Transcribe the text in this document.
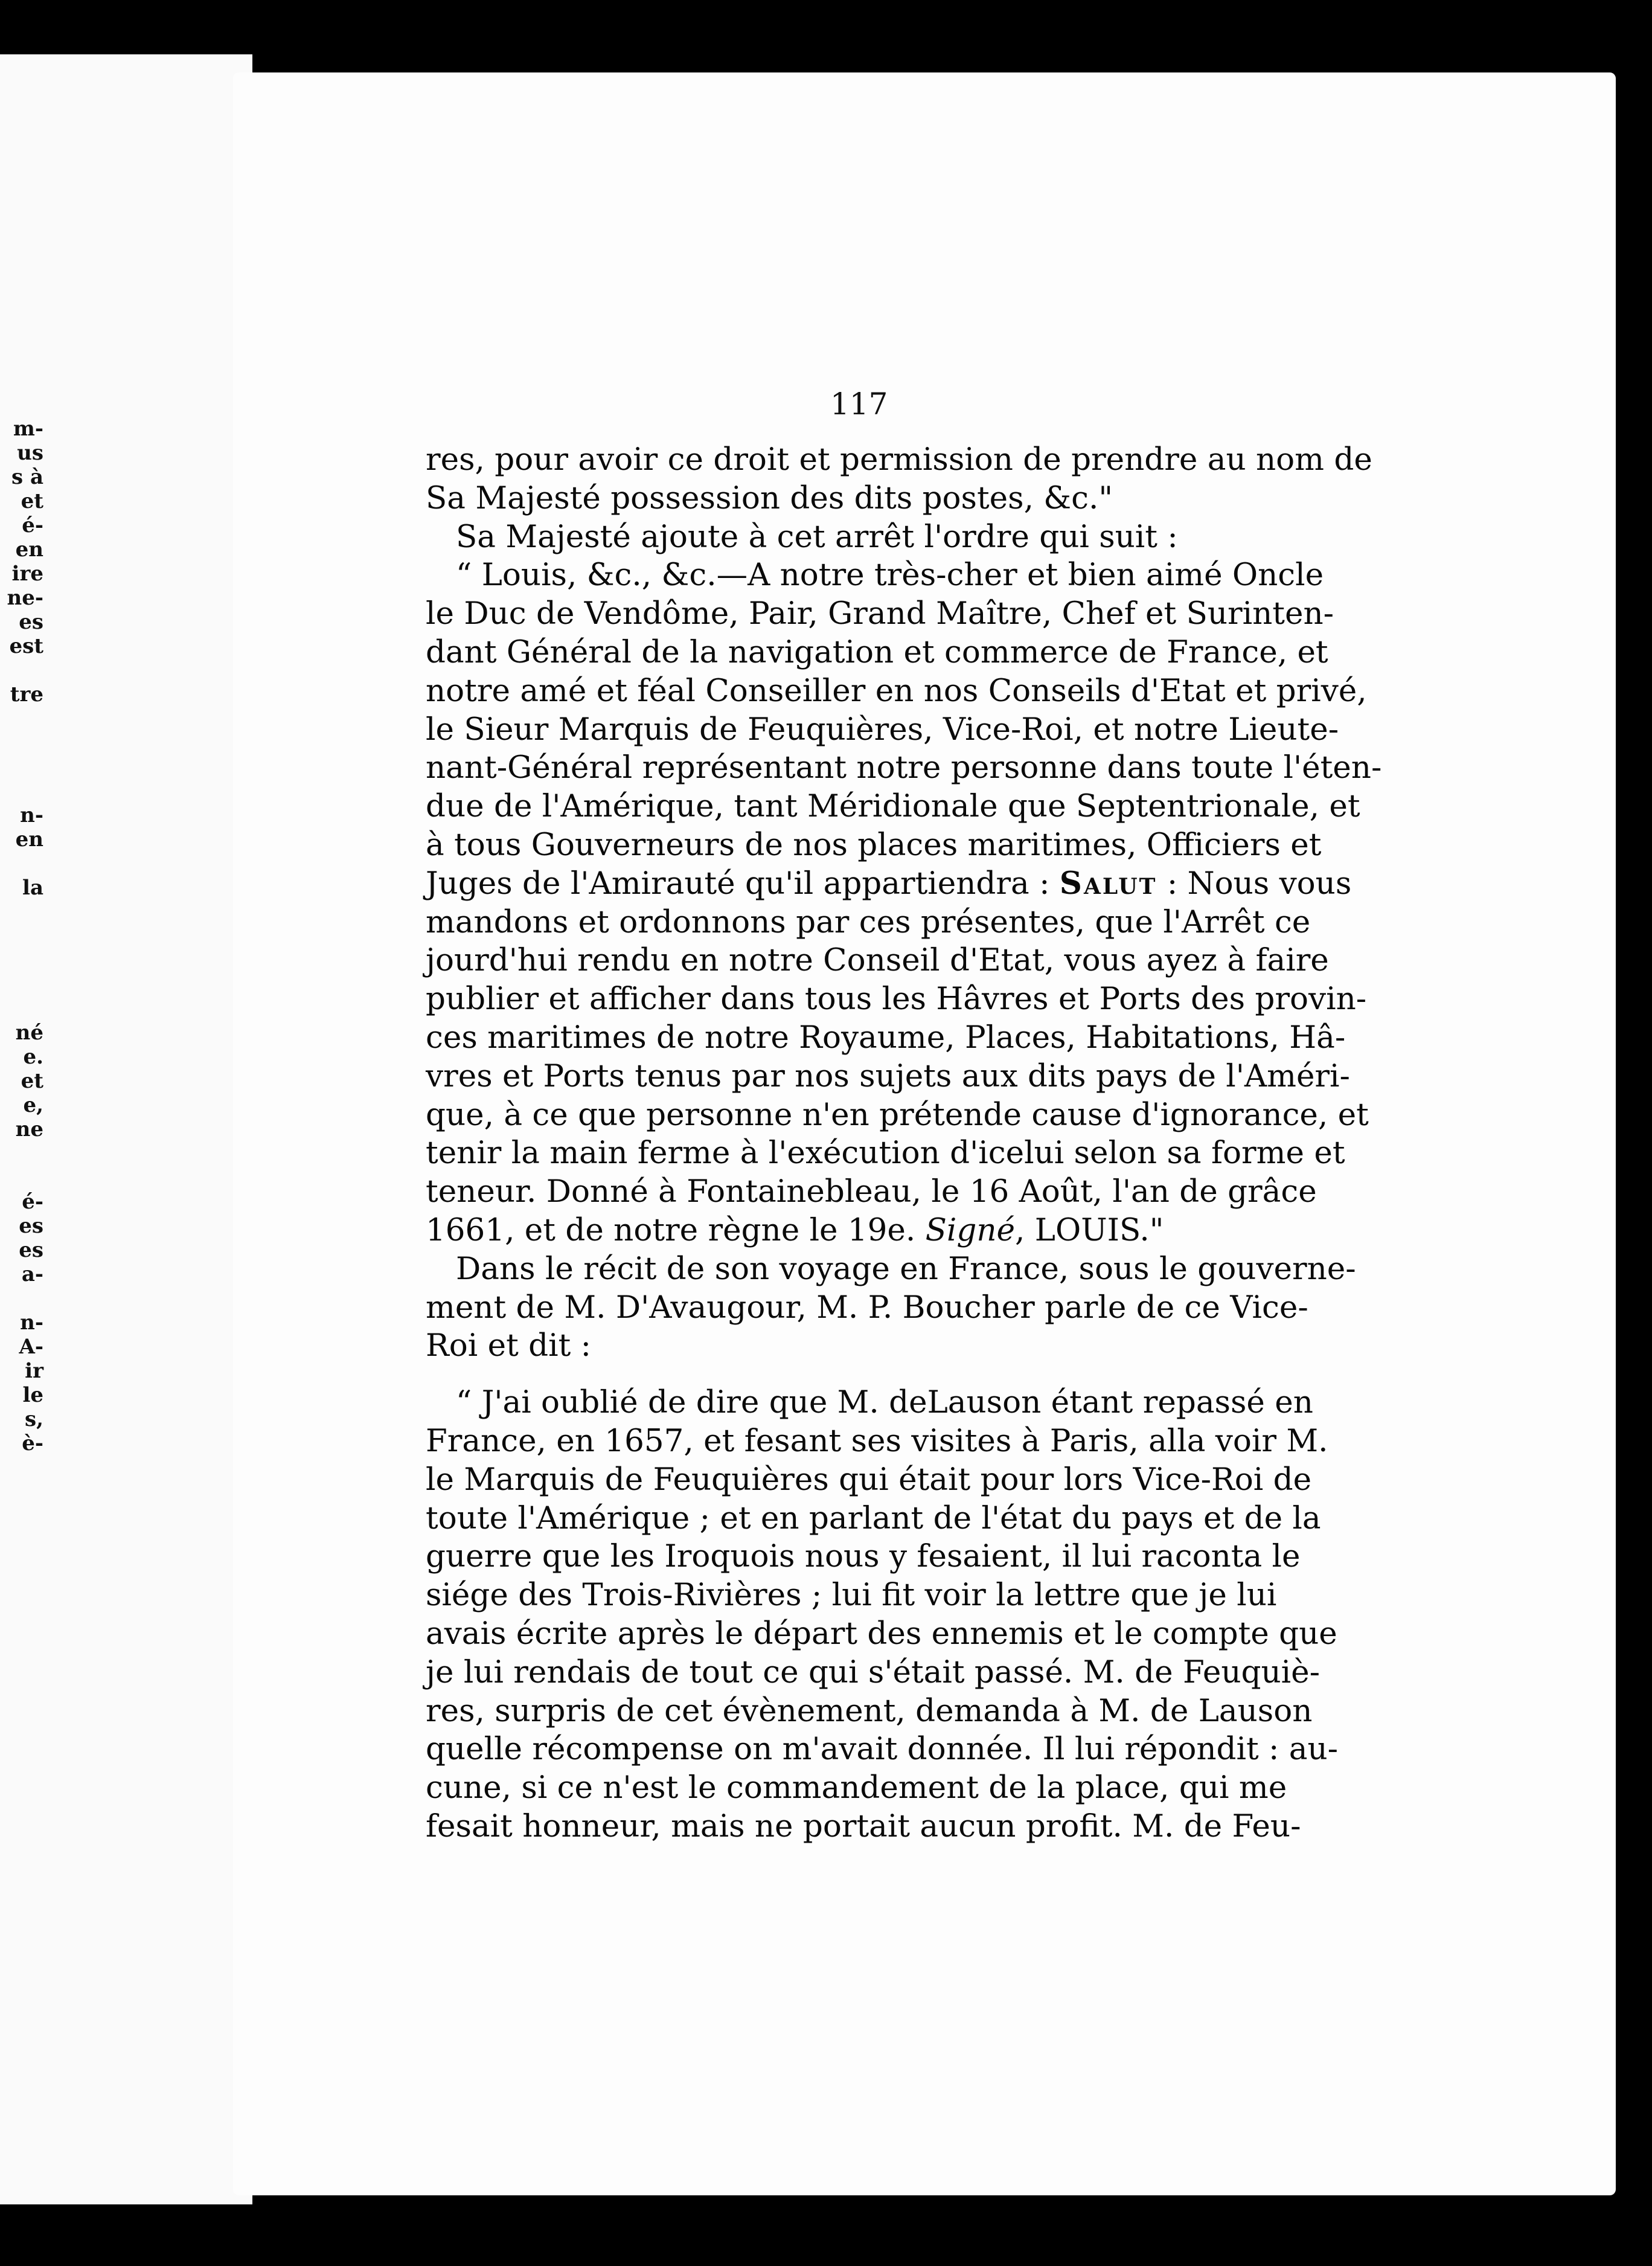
m-
us
s à
et
é-
en
ire
ne-
es
est

tre

n-
en

la

né
e.
et
e,
ne

é-
es
es
a-

n-
A-
ir
le
s,
è-
117
res, pour avoir ce droit et permission de prendre au nom de
Sa Majesté possession des dits postes, &c."
Sa Majesté ajoute à cet arrêt l'ordre qui suit :
“ Louis, &c., &c.—A notre très-cher et bien aimé Oncle
le Duc de Vendôme, Pair, Grand Maître, Chef et Surinten-
dant Général de la navigation et commerce de France, et
notre amé et féal Conseiller en nos Conseils d'Etat et privé,
le Sieur Marquis de Feuquières, Vice-Roi, et notre Lieute-
nant-Général représentant notre personne dans toute l'éten-
due de l'Amérique, tant Méridionale que Septentrionale, et
à tous Gouverneurs de nos places maritimes, Officiers et
Juges de l'Amirauté qu'il appartiendra : Salut : Nous vous
mandons et ordonnons par ces présentes, que l'Arrêt ce
jourd'hui rendu en notre Conseil d'Etat, vous ayez à faire
publier et afficher dans tous les Hâvres et Ports des provin-
ces maritimes de notre Royaume, Places, Habitations, Hâ-
vres et Ports tenus par nos sujets aux dits pays de l'Améri-
que, à ce que personne n'en prétende cause d'ignorance, et
tenir la main ferme à l'exécution d'icelui selon sa forme et
teneur. Donné à Fontainebleau, le 16 Août, l'an de grâce
1661, et de notre règne le 19e. Signé, LOUIS."
Dans le récit de son voyage en France, sous le gouverne-
ment de M. D'Avaugour, M. P. Boucher parle de ce Vice-
Roi et dit :
“ J'ai oublié de dire que M. deLauson étant repassé en
France, en 1657, et fesant ses visites à Paris, alla voir M.
le Marquis de Feuquières qui était pour lors Vice-Roi de
toute l'Amérique ; et en parlant de l'état du pays et de la
guerre que les Iroquois nous y fesaient, il lui raconta le
siége des Trois-Rivières ; lui fit voir la lettre que je lui
avais écrite après le départ des ennemis et le compte que
je lui rendais de tout ce qui s'était passé. M. de Feuquiè-
res, surpris de cet évènement, demanda à M. de Lauson
quelle récompense on m'avait donnée. Il lui répondit : au-
cune, si ce n'est le commandement de la place, qui me
fesait honneur, mais ne portait aucun profit. M. de Feu-
